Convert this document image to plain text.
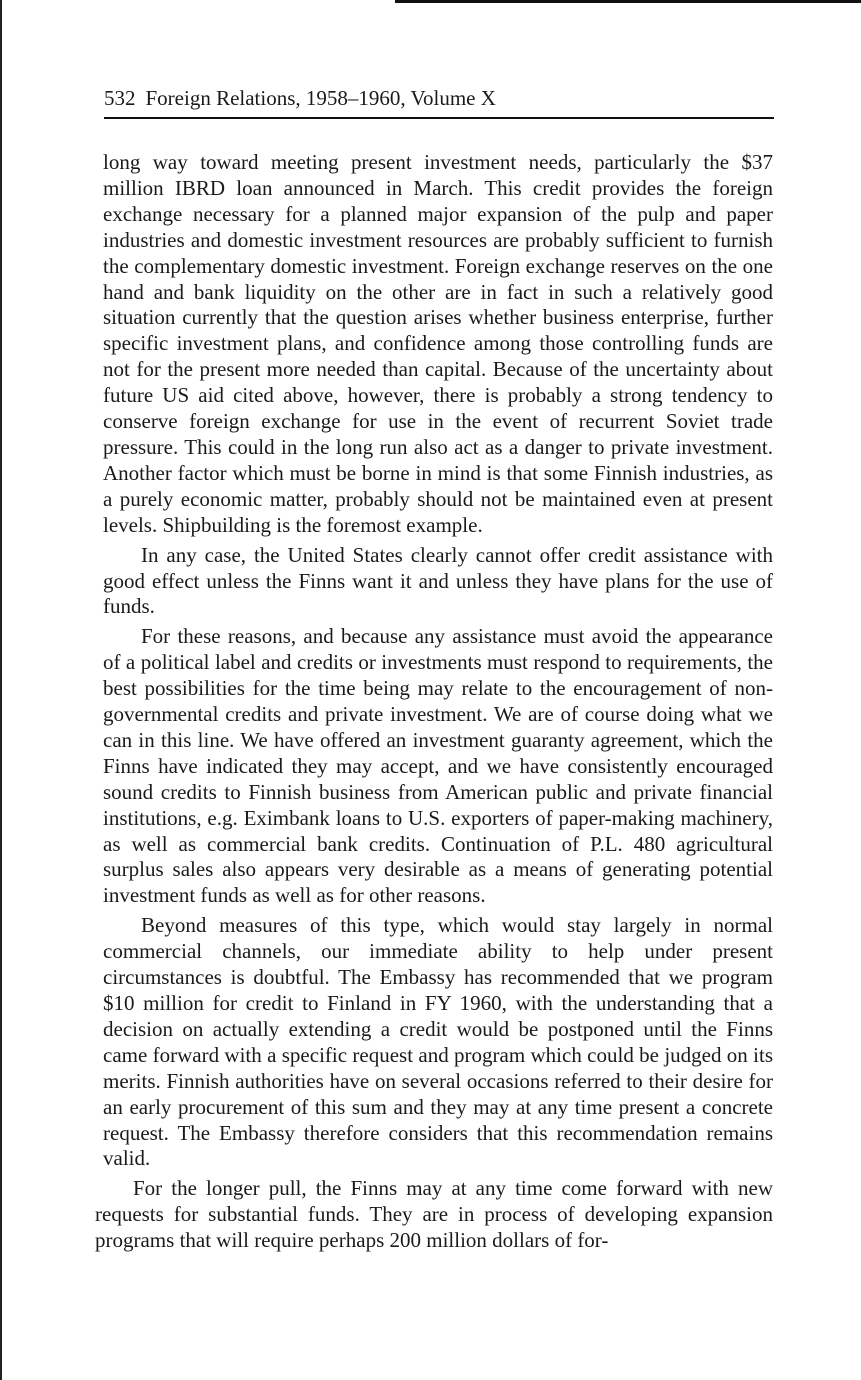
532 Foreign Relations, 1958–1960, Volume X

long way toward meeting present investment needs, particularly the $37 million IBRD loan announced in March. This credit provides the foreign exchange necessary for a planned major expansion of the pulp and paper industries and domestic investment resources are probably sufficient to furnish the complementary domestic investment. Foreign exchange reserves on the one hand and bank liquidity on the other are in fact in such a relatively good situation currently that the question arises whether business enterprise, further specific investment plans, and confidence among those controlling funds are not for the present more needed than capital. Because of the uncertainty about future US aid cited above, however, there is probably a strong tendency to conserve foreign exchange for use in the event of recurrent Soviet trade pressure. This could in the long run also act as a danger to private investment. Another factor which must be borne in mind is that some Finnish industries, as a purely economic matter, probably should not be maintained even at present levels. Shipbuilding is the foremost example.

In any case, the United States clearly cannot offer credit assistance with good effect unless the Finns want it and unless they have plans for the use of funds.

For these reasons, and because any assistance must avoid the appearance of a political label and credits or investments must respond to requirements, the best possibilities for the time being may relate to the encouragement of non-governmental credits and private investment. We are of course doing what we can in this line. We have offered an investment guaranty agreement, which the Finns have indicated they may accept, and we have consistently encouraged sound credits to Finnish business from American public and private financial institutions, e.g. Eximbank loans to U.S. exporters of paper-making machinery, as well as commercial bank credits. Continuation of P.L. 480 agricultural surplus sales also appears very desirable as a means of generating potential investment funds as well as for other reasons.

Beyond measures of this type, which would stay largely in normal commercial channels, our immediate ability to help under present circumstances is doubtful. The Embassy has recommended that we program $10 million for credit to Finland in FY 1960, with the understanding that a decision on actually extending a credit would be postponed until the Finns came forward with a specific request and program which could be judged on its merits. Finnish authorities have on several occasions referred to their desire for an early procurement of this sum and they may at any time present a concrete request. The Embassy therefore considers that this recommendation remains valid.

For the longer pull, the Finns may at any time come forward with new requests for substantial funds. They are in process of developing expansion programs that will require perhaps 200 million dollars of for-
